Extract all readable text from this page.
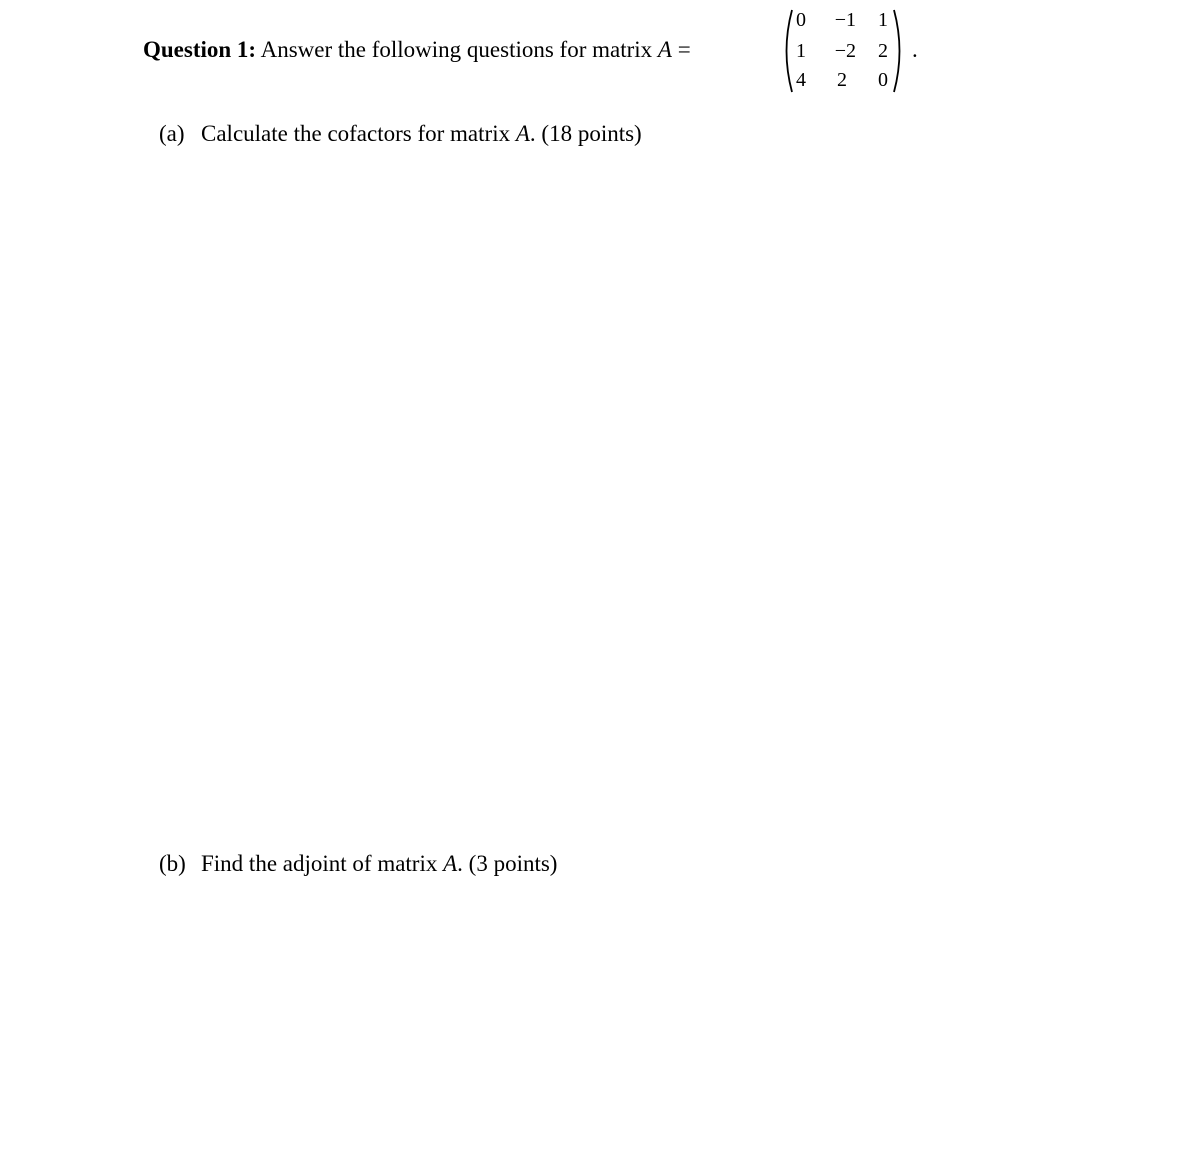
Question 1: Answer the following questions for matrix A =
0	−1	1
1	−2	2
4	2	0
.
(a) Calculate the cofactors for matrix A. (18 points)
(b) Find the adjoint of matrix A. (3 points)
